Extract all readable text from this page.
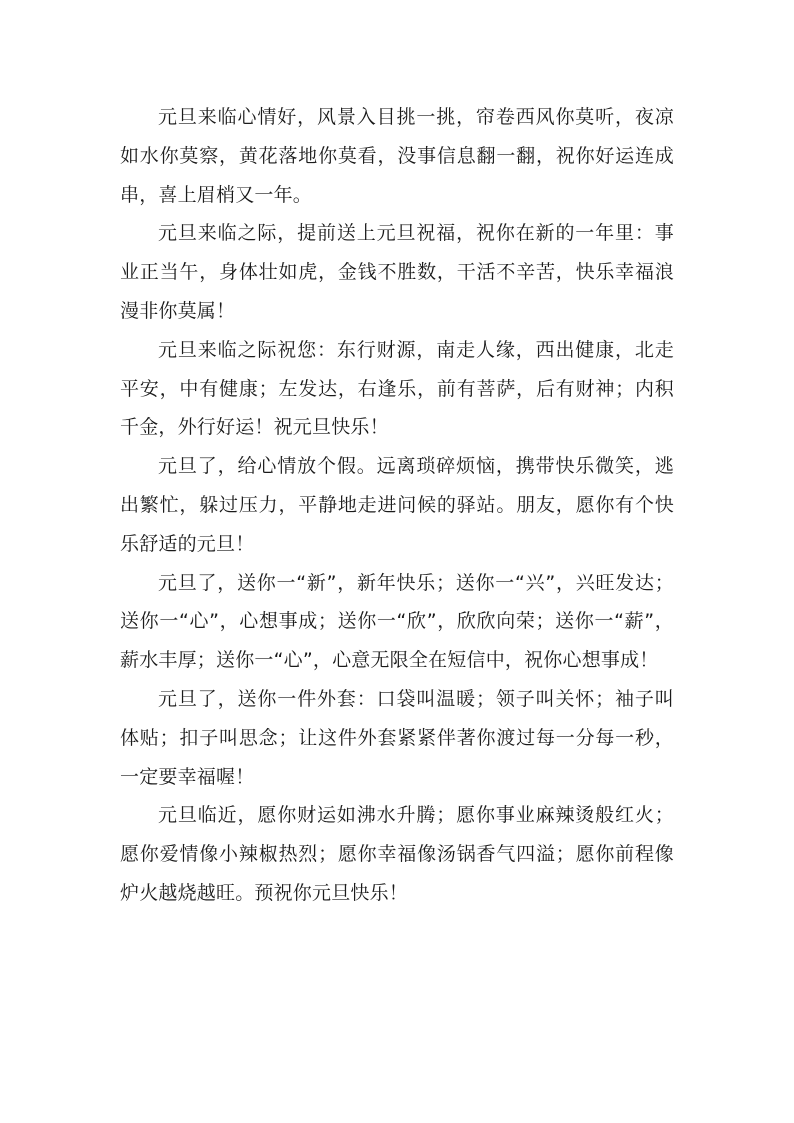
元旦来临心情好，风景入目挑一挑，帘卷西风你莫听，夜凉如水你莫察，黄花落地你莫看，没事信息翻一翻，祝你好运连成串，喜上眉梢又一年。

元旦来临之际，提前送上元旦祝福，祝你在新的一年里：事业正当午，身体壮如虎，金钱不胜数，干活不辛苦，快乐幸福浪漫非你莫属！

元旦来临之际祝您：东行财源，南走人缘，西出健康，北走平安，中有健康；左发达，右逢乐，前有菩萨，后有财神；内积千金，外行好运！祝元旦快乐！

元旦了，给心情放个假。远离琐碎烦恼，携带快乐微笑，逃出繁忙，躲过压力，平静地走进问候的驿站。朋友，愿你有个快乐舒适的元旦！

元旦了，送你一“新”，新年快乐；送你一“兴”，兴旺发达；送你一“心”，心想事成；送你一“欣”，欣欣向荣；送你一“薪”，薪水丰厚；送你一“心”，心意无限全在短信中，祝你心想事成！

元旦了，送你一件外套：口袋叫温暖；领子叫关怀；袖子叫体贴；扣子叫思念；让这件外套紧紧伴著你渡过每一分每一秒，一定要幸福喔！

元旦临近，愿你财运如沸水升腾；愿你事业麻辣烫般红火；愿你爱情像小辣椒热烈；愿你幸福像汤锅香气四溢；愿你前程像炉火越烧越旺。预祝你元旦快乐！
